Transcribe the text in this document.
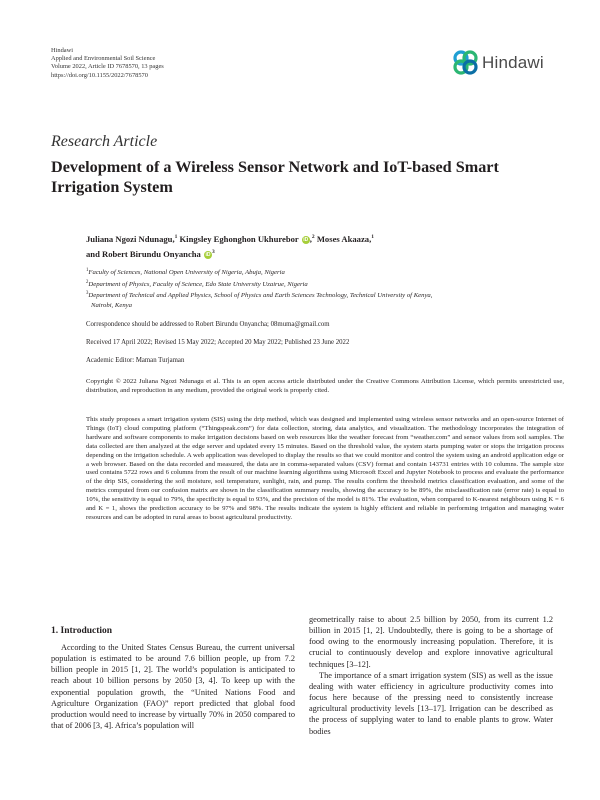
Hindawi
Applied and Environmental Soil Science
Volume 2022, Article ID 7678570, 13 pages
https://doi.org/10.1155/2022/7678570
Hindawi
Research Article
Development of a Wireless Sensor Network and IoT-based Smart Irrigation System
Juliana Ngozi Ndunagu,$^1$ Kingsley Eghonghon Ukhurebor iD ,$^2$ Moses Akaaza,$^1$
and Robert Birundu Onyancha iD $^3$
$^1$Faculty of Sciences, National Open University of Nigeria, Abuja, Nigeria
$^2$Department of Physics, Faculty of Science, Edo State University Uzairue, Nigeria
$^3$Department of Technical and Applied Physics, School of Physics and Earth Sciences Technology, Technical University of Kenya,
Nairobi, Kenya
Correspondence should be addressed to Robert Birundu Onyancha; 08muma@gmail.com
Received 17 April 2022; Revised 15 May 2022; Accepted 20 May 2022; Published 23 June 2022
Academic Editor: Maman Turjaman
Copyright © 2022 Juliana Ngozi Ndunagu et al. This is an open access article distributed under the Creative Commons Attribution License, which permits unrestricted use, distribution, and reproduction in any medium, provided the original work is properly cited.
This study proposes a smart irrigation system (SIS) using the drip method, which was designed and implemented using wireless sensor networks and an open-source Internet of Things (IoT) cloud computing platform (“Thingspeak.com”) for data collection, storing, data analytics, and visualization. The methodology incorporates the integration of hardware and software components to make irrigation decisions based on web resources like the weather forecast from “weather.com” and sensor values from soil samples. The data collected are then analyzed at the edge server and updated every 15 minutes. Based on the threshold value, the system starts pumping water or stops the irrigation process depending on the irrigation schedule. A web application was developed to display the results so that we could monitor and control the system using an android application edge or a web browser. Based on the data recorded and measured, the data are in comma-separated values (CSV) format and contain 143731 entries with 10 columns. The sample size used contains 5722 rows and 6 columns from the result of our machine learning algorithms using Microsoft Excel and Jupyter Notebook to process and evaluate the performance of the drip SIS, considering the soil moisture, soil temperature, sunlight, rain, and pump. The results confirm the threshold metrics classification evaluation, and some of the metrics computed from our confusion matrix are shown in the classification summary results, showing the accuracy to be 89%, the misclassification rate (error rate) is equal to 10%, the sensitivity is equal to 79%, the specificity is equal to 93%, and the precision of the model is 81%. The evaluation, when compared to K-nearest neighbours using K = 6 and K = 1, shows the prediction accuracy to be 97% and 98%. The results indicate the system is highly efficient and reliable in performing irrigation and managing water resources and can be adopted in rural areas to boost agricultural productivity.
1. Introduction

According to the United States Census Bureau, the current universal population is estimated to be around 7.6 billion people, up from 7.2 billion people in 2015 [1, 2]. The world’s population is anticipated to reach about 10 billion persons by 2050 [3, 4]. To keep up with the exponential population growth, the “United Nations Food and Agriculture Organization (FAO)” report predicted that global food production would need to increase by virtually 70% in 2050 compared to that of 2006 [3, 4]. Africa’s population will

geometrically raise to about 2.5 billion by 2050, from its current 1.2 billion in 2015 [1, 2]. Undoubtedly, there is going to be a shortage of food owing to the enormously increasing population. Therefore, it is crucial to continuously develop and explore innovative agricultural techniques [3–12].

The importance of a smart irrigation system (SIS) as well as the issue dealing with water efficiency in agriculture productivity comes into focus here because of the pressing need to consistently increase agricultural productivity levels [13–17]. Irrigation can be described as the process of supplying water to land to enable plants to grow. Water bodies
